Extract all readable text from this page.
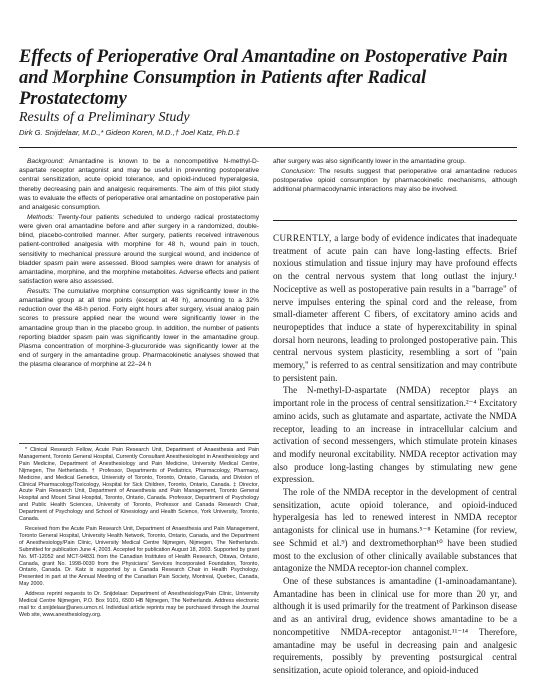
Effects of Perioperative Oral Amantadine on Postoperative Pain and Morphine Consumption in Patients after Radical Prostatectomy
Results of a Preliminary Study
Dirk G. Snijdelaar, M.D.,* Gideon Koren, M.D.,† Joel Katz, Ph.D.‡

Background: Amantadine is known to be a noncompetitive N-methyl-D-aspartate receptor antagonist and may be useful in preventing postoperative central sensitization, acute opioid tolerance, and opioid-induced hyperalgesia, thereby decreasing pain and analgesic requirements. The aim of this pilot study was to evaluate the effects of perioperative oral amantadine on postoperative pain and analgesic consumption.

Methods: Twenty-four patients scheduled to undergo radical prostatectomy were given oral amantadine before and after surgery in a randomized, double-blind, placebo-controlled manner. After surgery, patients received intravenous patient-controlled analgesia with morphine for 48 h, wound pain in touch, sensitivity to mechanical pressure around the surgical wound, and incidence of bladder spasm pain were assessed. Blood samples were drawn for analysis of amantadine, morphine, and the morphine metabolites. Adverse effects and patient satisfaction were also assessed.

Results: The cumulative morphine consumption was significantly lower in the amantadine group at all time points (except at 48 h), amounting to a 32% reduction over the 48-h period. Forty eight hours after surgery, visual analog pain scores to pressure applied near the wound were significantly lower in the amantadine group than in the placebo group. In addition, the number of patients reporting bladder spasm pain was significantly lower in the amantadine group. Plasma concentration of morphine-3-glucuronide was significantly lower at the end of surgery in the amantadine group. Pharmacokinetic analyses showed that the plasma clearance of morphine at 22–24 h

* Clinical Research Fellow, Acute Pain Research Unit, Department of Anaesthesia and Pain Management, Toronto General Hospital, Currently Consultant Anesthesiologist in Anesthesiology and Pain Medicine, Department of Anesthesiology and Pain Medicine, University Medical Centre, Nijmegen, The Netherlands. † Professor, Departments of Pediatrics, Pharmacology, Pharmacy, Medicine, and Medical Genetics, University of Toronto, Toronto, Ontario, Canada, and Division of Clinical Pharmacology/Toxicology, Hospital for Sick Children, Toronto, Ontario, Canada. ‡ Director, Acute Pain Research Unit, Department of Anaesthesia and Pain Management, Toronto General Hospital and Mount Sinai Hospital, Toronto, Ontario, Canada. Professor, Department of Psychology and Public Health Sciences, University of Toronto, Professor and Canada Research Chair, Department of Psychology and School of Kinesiology and Health Science, York University, Toronto, Canada.

Received from the Acute Pain Research Unit, Department of Anaesthesia and Pain Management, Toronto General Hospital, University Health Network, Toronto, Ontario, Canada, and the Department of Anesthesiology/Pain Clinic, University Medical Centre Nijmegen, Nijmegen, The Netherlands. Submitted for publication June 4, 2003. Accepted for publication August 18, 2003. Supported by grant No. MT-12052 and MCT-94831 from the Canadian Institutes of Health Research, Ottawa, Ontario, Canada, grant No. 1998-0030 from the Physicians' Services Incorporated Foundation, Toronto, Ontario, Canada. Dr. Katz is supported by a Canada Research Chair in Health Psychology. Presented in part at the Annual Meeting of the Canadian Pain Society, Montreal, Quebec, Canada, May 2000.

Address reprint requests to Dr. Snijdelaar: Department of Anesthesiology/Pain Clinic, University Medical Centre Nijmegen, P.O. Box 9101, 6500 HB Nijmegen, The Netherlands. Address electronic mail to: d.snijdelaar@anes.umcn.nl. Individual article reprints may be purchased through the Journal Web site, www.anesthesiology.org.

after surgery was also significantly lower in the amantadine group.

Conclusion: The results suggest that perioperative oral amantadine reduces postoperative opioid consumption by pharmacokinetic mechanisms, although additional pharmacodynamic interactions may also be involved.

CURRENTLY, a large body of evidence indicates that inadequate treatment of acute pain can have long-lasting effects. Brief noxious stimulation and tissue injury may have profound effects on the central nervous system that long outlast the injury.¹ Nociceptive as well as postoperative pain results in a "barrage" of nerve impulses entering the spinal cord and the release, from small-diameter afferent C fibers, of excitatory amino acids and neuropeptides that induce a state of hyperexcitability in spinal dorsal horn neurons, leading to prolonged postoperative pain. This central nervous system plasticity, resembling a sort of "pain memory," is referred to as central sensitization and may contribute to persistent pain.

The N-methyl-D-aspartate (NMDA) receptor plays an important role in the process of central sensitization.²⁻⁴ Excitatory amino acids, such as glutamate and aspartate, activate the NMDA receptor, leading to an increase in intracellular calcium and activation of second messengers, which stimulate protein kinases and modify neuronal excitability. NMDA receptor activation may also produce long-lasting changes by stimulating new gene expression.

The role of the NMDA receptor in the development of central sensitization, acute opioid tolerance, and opioid-induced hyperalgesia has led to renewed interest in NMDA receptor antagonists for clinical use in humans.⁵⁻⁸ Ketamine (for review, see Schmid et al.⁹) and dextromethorphan¹⁰ have been studied most to the exclusion of other clinically available substances that antagonize the NMDA receptor-ion channel complex.

One of these substances is amantadine (1-aminoadamantane). Amantadine has been in clinical use for more than 20 yr, and although it is used primarily for the treatment of Parkinson disease and as an antiviral drug, evidence shows amantadine to be a noncompetitive NMDA-receptor antagonist.¹¹⁻¹⁴ Therefore, amantadine may be useful in decreasing pain and analgesic requirements, possibly by preventing postsurgical central sensitization, acute opioid tolerance, and opioid-induced
